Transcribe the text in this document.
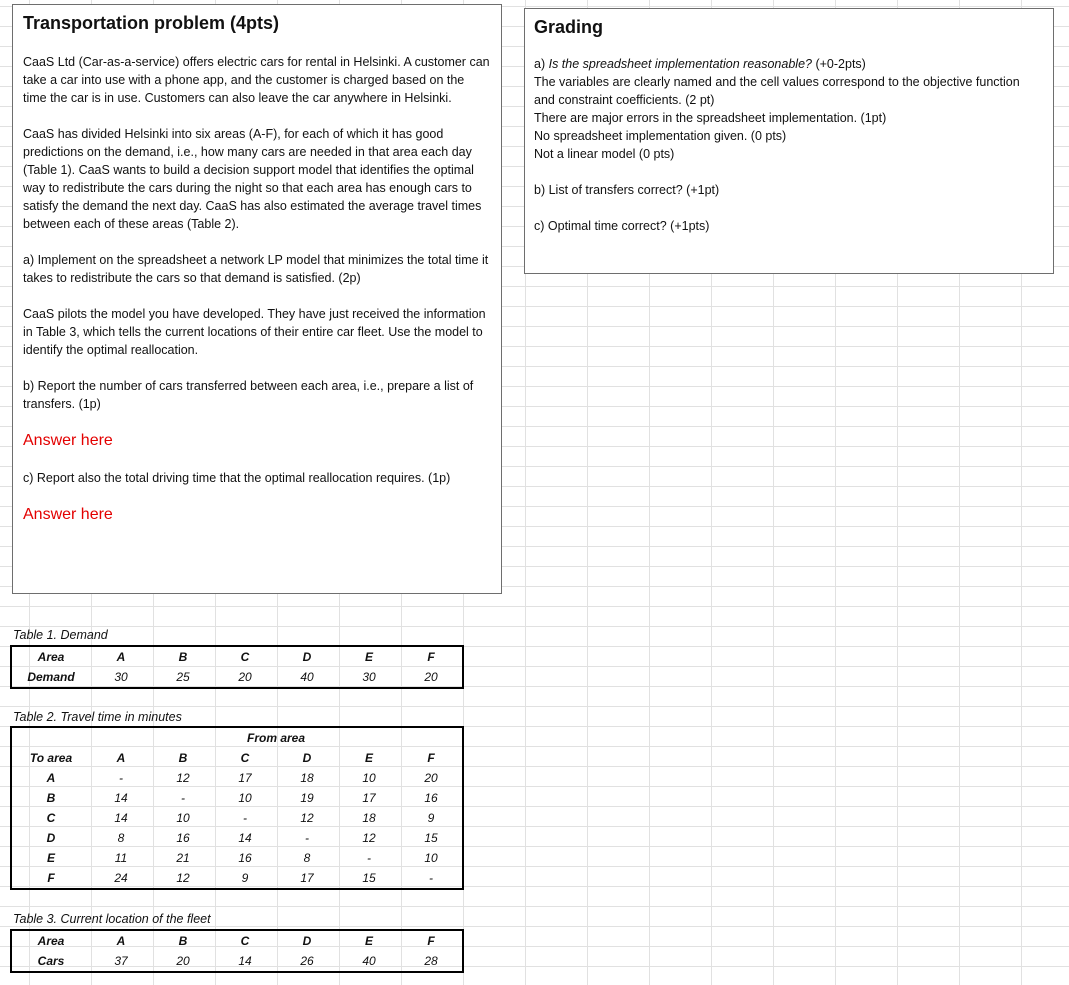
Transportation problem (4pts)

CaaS Ltd (Car-as-a-service) offers electric cars for rental in Helsinki. A customer can take a car into use with a phone app, and the customer is charged based on the time the car is in use. Customers can also leave the car anywhere in Helsinki.

CaaS has divided Helsinki into six areas (A-F), for each of which it has good predictions on the demand, i.e., how many cars are needed in that area each day (Table 1). CaaS wants to build a decision support model that identifies the optimal way to redistribute the cars during the night so that each area has enough cars to satisfy the demand the next day. CaaS has also estimated the average travel times between each of these areas (Table 2).

a) Implement on the spreadsheet a network LP model that minimizes the total time it takes to redistribute the cars so that demand is satisfied. (2p)

CaaS pilots the model you have developed. They have just received the information in Table 3, which tells the current locations of their entire car fleet. Use the model to identify the optimal reallocation.

b) Report the number of cars transferred between each area, i.e., prepare a list of transfers. (1p)

Answer here

c) Report also the total driving time that the optimal reallocation requires. (1p)

Answer here
Grading

a) Is the spreadsheet implementation reasonable? (+0-2pts)

The variables are clearly named and the cell values correspond to the objective function and constraint coefficients. (2 pt)

There are major errors in the spreadsheet implementation. (1pt)

No spreadsheet implementation given. (0 pts)

Not a linear model (0 pts)

b) List of transfers correct? (+1pt)

c) Optimal time correct? (+1pts)

Table 1. Demand
Area	A	B	C	D	E	F
Demand	30	25	20	40	30	20
Table 2. Travel time in minutes
			From area			
To area	A	B	C	D	E	F
A	-	12	17	18	10	20
B	14	-	10	19	17	16
C	14	10	-	12	18	9
D	8	16	14	-	12	15
E	11	21	16	8	-	10
F	24	12	9	17	15	-
Table 3. Current location of the fleet
Area	A	B	C	D	E	F
Cars	37	20	14	26	40	28
